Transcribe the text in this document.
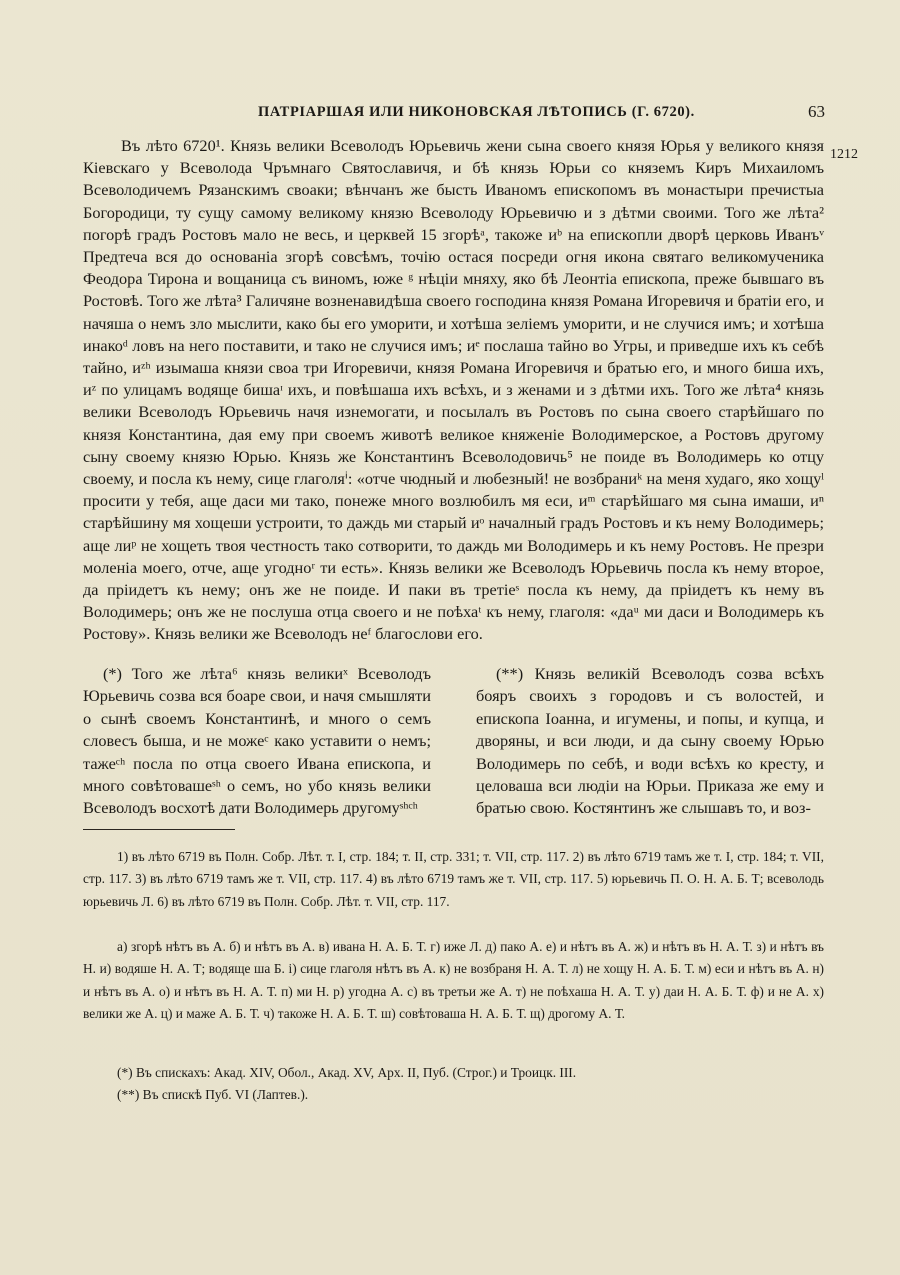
ПАТРІАРШАЯ ИЛИ НИКОНОВСКАЯ ЛѢТОПИСЬ (Г. 6720).	63
1212
Въ лѣто 6720¹. Князь велики Всеволодъ Юрьевичь жени сына своего князя Юрья у великого князя Кіевскаго у Всеволода Чръмнаго Святославичя, и бѣ князь Юрьи со княземъ Киръ Михаиломъ Всеволодичемъ Рязанскимъ своаки; вѣнчанъ же бысть Иваномъ епископомъ въ монастыри пречистыа Богородици, ту сущу самому великому князю Всеволоду Юрьевичю и з дѣтми своими. Того же лѣта² погорѣ градъ Ростовъ мало не весь, и церквей 15 згорѣᵃ, такоже иᵇ на епископли дворѣ церковь Иванъᵛ Предтеча вся до основаніа згорѣ совсѣмъ, точію остася посреди огня икона святаго великомученика Феодора Тирона и вощаница съ виномъ, юже ᵍ нѣціи мняху, яко бѣ Леонтіа епископа, преже бывшаго въ Ростовѣ. Того же лѣта³ Галичяне возненавидѣша своего господина князя Романа Игоревичя и братіи его, и начяша о немъ зло мыслити, како бы его уморити, и хотѣша зеліемъ уморити, и не случися имъ; и хотѣша инакоᵈ ловъ на него поставити, и тако не случися имъ; иᵉ послаша тайно во Угры, и приведше ихъ къ себѣ тайно, иᶻʰ изымаша князи своа три Игоревичи, князя Романа Игоревичя и братью его, и много биша ихъ, иᶻ по улицамъ водяще бишаᶦ ихъ, и повѣшаша ихъ всѣхъ, и з женами и з дѣтми ихъ. Того же лѣта⁴ князь велики Всеволодъ Юрьевичь начя изнемогати, и посылалъ въ Ростовъ по сына своего старѣйшаго по князя Константина, дая ему при своемъ животѣ великое княженіе Володимерское, а Ростовъ другому сыну своему князю Юрью. Князь же Константинъ Всеволодовичь⁵ не поиде въ Володимерь ко отцу своему, и посла къ нему, сице глаголяⁱ: «отче чюдный и любезный! не возбраниᵏ на меня худаго, яко хощуˡ просити у тебя, аще даси ми тако, понеже много возлюбилъ мя еси, иᵐ старѣйшаго мя сына имаши, иⁿ старѣйшину мя хощеши устроити, то даждь ми старый иᵒ началный градъ Ростовъ и къ нему Володимерь; аще лиᵖ не хощеть твоя честность тако сотворити, то даждь ми Володимерь и къ нему Ростовъ. Не презри моленіа моего, отче, аще угодноʳ ти есть». Князь велики же Всеволодъ Юрьевичь посла къ нему второе, да пріидетъ къ нему; онъ же не поиде. И паки въ третіеˢ посла къ нему, да пріидетъ къ нему въ Володимерь; онъ же не послуша отца своего и не поѣхаᵗ къ нему, глаголя: «даᵘ ми даси и Володимерь къ Ростову». Князь велики же Всеволодъ неᶠ благослови его.
(*) Того же лѣта⁶ князь великиˣ Всеволодъ Юрьевичь созва вся боаре свои, и начя смышляти о сынѣ своемъ Константинѣ, и много о семъ словесъ быша, и не можеᶜ како уставити о немъ; тажеᶜʰ посла по отца своего Ивана епископа, и много совѣтовашеˢʰ о семъ, но убо князь велики Всеволодъ восхотѣ дати Володимерь другомуˢʰᶜʰ
(**) Князь великій Всеволодъ созва всѣхъ бояръ своихъ з городовъ и съ волостей, и епископа Іоанна, и игумены, и попы, и купца, и дворяны, и вси люди, и да сыну своему Юрью Володимерь по себѣ, и води всѣхъ ко кресту, и целоваша вси людіи на Юрьи. Приказа же ему и братью свою. Костянтинъ же слышавъ то, и воз-
1) въ лѣто 6719 въ Полн. Собр. Лѣт. т. I, стр. 184; т. II, стр. 331; т. VII, стр. 117. 2) въ лѣто 6719 тамъ же т. I, стр. 184; т. VII, стр. 117. 3) въ лѣто 6719 тамъ же т. VII, стр. 117. 4) въ лѣто 6719 тамъ же т. VII, стр. 117. 5) юрьевичь П. О. Н. А. Б. Т; всеволодь юрьевичь Л. 6) въ лѣто 6719 въ Полн. Собр. Лѣт. т. VII, стр. 117.
а) згорѣ нѣтъ въ А. б) и нѣтъ въ А. в) ивана Н. А. Б. Т. г) иже Л. д) пако А. е) и нѣтъ въ А. ж) и нѣтъ въ Н. А. Т. з) и нѣтъ въ Н. и) водяше Н. А. Т; водяще ша Б. і) сице глаголя нѣтъ въ А. к) не возбраня Н. А. Т. л) не хощу Н. А. Б. Т. м) еси и нѣтъ въ А. н) и нѣтъ въ А. о) и нѣтъ въ Н. А. Т. п) ми Н. р) угодна А. с) въ третьи же А. т) не поѣхаша Н. А. Т. у) даи Н. А. Б. Т. ф) и не А. х) велики же А. ц) и маже А. Б. Т. ч) такоже Н. А. Б. Т. ш) совѣтоваша Н. А. Б. Т. щ) дрогому А. Т.
(*) Въ спискахъ: Акад. XIV, Обол., Акад. XV, Арх. II, Пуб. (Строг.) и Троицк. III.
(**) Въ спискѣ Пуб. VI (Лаптев.).
